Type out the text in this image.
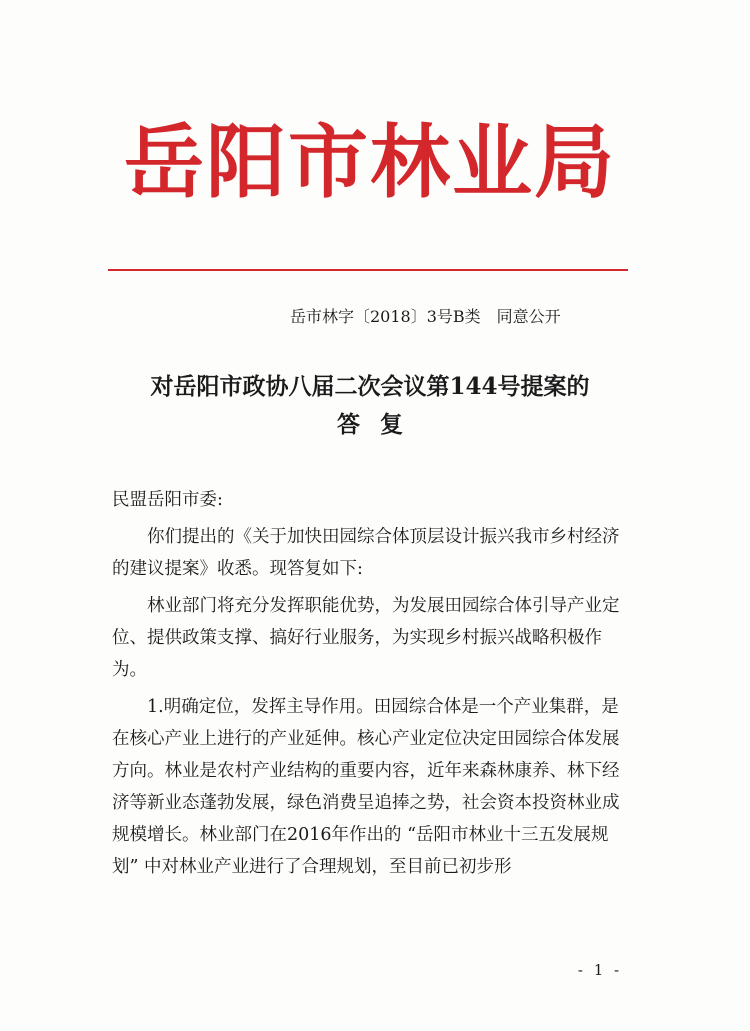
岳阳市林业局
岳市林字〔2018〕3号B类 同意公开
对岳阳市政协八届二次会议第144号提案的
答复

民盟岳阳市委:

你们提出的《关于加快田园综合体顶层设计振兴我市乡村经济的建议提案》收悉。现答复如下:

林业部门将充分发挥职能优势，为发展田园综合体引导产业定位、提供政策支撑、搞好行业服务，为实现乡村振兴战略积极作为。

1.明确定位，发挥主导作用。田园综合体是一个产业集群，是在核心产业上进行的产业延伸。核心产业定位决定田园综合体发展方向。林业是农村产业结构的重要内容，近年来森林康养、林下经济等新业态蓬勃发展，绿色消费呈追捧之势，社会资本投资林业成规模增长。林业部门在2016年作出的 “岳阳市林业十三五发展规划” 中对林业产业进行了合理规划，至目前已初步形

- 1 -
